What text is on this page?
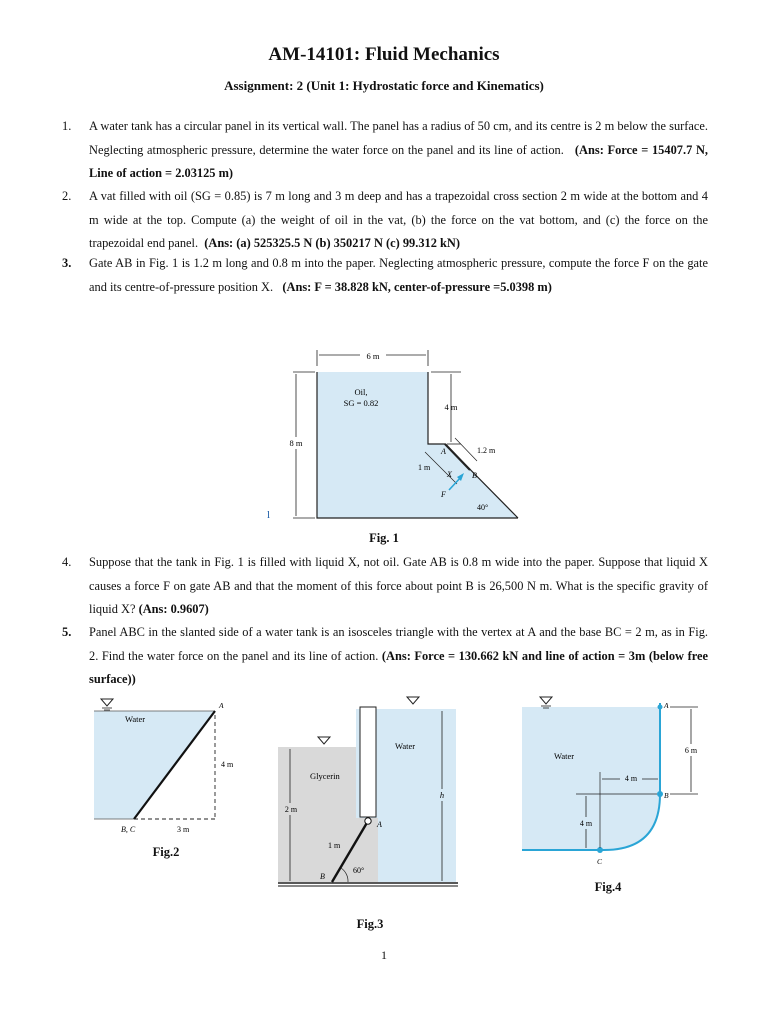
AM-14101: Fluid Mechanics
Assignment: 2 (Unit 1: Hydrostatic force and Kinematics)
1.	A water tank has a circular panel in its vertical wall. The panel has a radius of 50 cm, and its centre is 2 m below the surface. Neglecting atmospheric pressure, determine the water force on the panel and its line of action. (Ans: Force = 15407.7 N, Line of action = 2.03125 m)
2.	A vat filled with oil (SG = 0.85) is 7 m long and 3 m deep and has a trapezoidal cross section 2 m wide at the bottom and 4 m wide at the top. Compute (a) the weight of oil in the vat, (b) the force on the vat bottom, and (c) the force on the trapezoidal end panel. (Ans: (a) 525325.5 N (b) 350217 N (c) 99.312 kN)
3.	Gate AB in Fig. 1 is 1.2 m long and 0.8 m into the paper. Neglecting atmospheric pressure, compute the force F on the gate and its centre-of-pressure position X. (Ans: F = 38.828 kN, center-of-pressure =5.0398 m)
6 m
8 m
l
4 m
Oil,
SG = 0.82
A
B
1.2 m
1 m
X
F
40°
Fig. 1
4.	Suppose that the tank in Fig. 1 is filled with liquid X, not oil. Gate AB is 0.8 m wide into the paper. Suppose that liquid X causes a force F on gate AB and that the moment of this force about point B is 26,500 N m. What is the specific gravity of liquid X? (Ans: 0.9607)
5.	Panel ABC in the slanted side of a water tank is an isosceles triangle with the vertex at A and the base BC = 2 m, as in Fig. 2. Find the water force on the panel and its line of action. (Ans: Force = 130.662 kN and line of action = 3m (below free surface))
Water
A
4 m
B, C	3 m
Fig.2
Glycerin
Water
2 m
h
A
B
1 m
60°
Fig.3
Water
A
B
C
6 m
4 m
4 m
Fig.4
1
